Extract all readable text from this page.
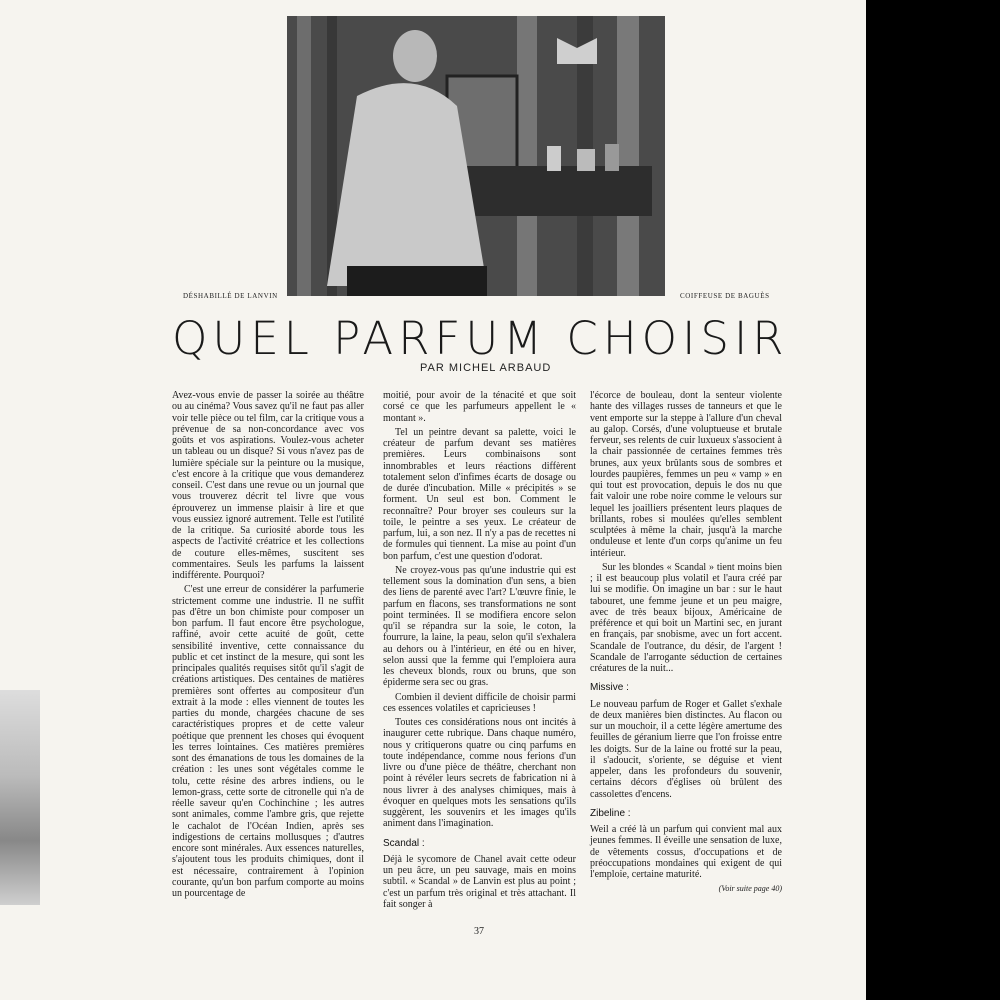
DÉSHABILLÉ DE LANVIN	COIFFEUSE DE BAGUÈS
QUEL PARFUM CHOISIR
PAR MICHEL ARBAUD

Avez-vous envie de passer la soirée au théâtre ou au cinéma? Vous savez qu'il ne faut pas aller voir telle pièce ou tel film, car la critique vous a prévenue de sa non-concordance avec vos goûts et vos aspirations. Voulez-vous acheter un tableau ou un disque? Si vous n'avez pas de lumière spéciale sur la peinture ou la musique, c'est encore à la critique que vous demanderez conseil. C'est dans une revue ou un journal que vous trouverez décrit tel livre que vous éprouverez un immense plaisir à lire et que vous eussiez ignoré autrement. Telle est l'utilité de la critique. Sa curiosité aborde tous les aspects de l'activité créatrice et les collections de couture elles-mêmes, suscitent ses commentaires. Seuls les parfums la laissent indifférente. Pourquoi?

C'est une erreur de considérer la parfumerie strictement comme une industrie. Il ne suffit pas d'être un bon chimiste pour composer un bon parfum. Il faut encore être psychologue, raffiné, avoir cette acuité de goût, cette sensibilité inventive, cette connaissance du public et cet instinct de la mesure, qui sont les principales qualités requises sitôt qu'il s'agit de créations artistiques. Des centaines de matières premières sont offertes au compositeur d'un extrait à la mode : elles viennent de toutes les parties du monde, chargées chacune de ses caractéristiques propres et de cette valeur poétique que prennent les choses qui évoquent les terres lointaines. Ces matières premières sont des émanations de tous les domaines de la création : les unes sont végétales comme le tolu, cette résine des arbres indiens, ou le lemon-grass, cette sorte de citronelle qui n'a de réelle saveur qu'en Cochinchine ; les autres sont animales, comme l'ambre gris, que rejette le cachalot de l'Océan Indien, après ses indigestions de certains mollusques ; d'autres encore sont minérales. Aux essences naturelles, s'ajoutent tous les produits chimiques, dont il est nécessaire, contrairement à l'opinion courante, qu'un bon parfum comporte au moins un pourcentage de

moitié, pour avoir de la ténacité et que soit corsé ce que les parfumeurs appellent le « montant ».

Tel un peintre devant sa palette, voici le créateur de parfum devant ses matières premières. Leurs combinaisons sont innombrables et leurs réactions diffèrent totalement selon d'infimes écarts de dosage ou de durée d'incubation. Mille « précipités » se forment. Un seul est bon. Comment le reconnaître? Pour broyer ses couleurs sur la toile, le peintre a ses yeux. Le créateur de parfum, lui, a son nez. Il n'y a pas de recettes ni de formules qui tiennent. La mise au point d'un bon parfum, c'est une question d'odorat.

Ne croyez-vous pas qu'une industrie qui est tellement sous la domination d'un sens, a bien des liens de parenté avec l'art? L'œuvre finie, le parfum en flacons, ses transformations ne sont point terminées. Il se modifiera encore selon qu'il se répandra sur la soie, le coton, la fourrure, la laine, la peau, selon qu'il s'exhalera au dehors ou à l'intérieur, en été ou en hiver, selon aussi que la femme qui l'emploiera aura les cheveux blonds, roux ou bruns, que son épiderme sera sec ou gras.

Combien il devient difficile de choisir parmi ces essences volatiles et capricieuses !

Toutes ces considérations nous ont incités à inaugurer cette rubrique. Dans chaque numéro, nous y critiquerons quatre ou cinq parfums en toute indépendance, comme nous ferions d'un livre ou d'une pièce de théâtre, cherchant non point à révéler leurs secrets de fabrication ni à nous livrer à des analyses chimiques, mais à évoquer en quelques mots les sensations qu'ils suggèrent, les souvenirs et les images qu'ils animent dans l'imagination.

Scandal :

Déjà le sycomore de Chanel avait cette odeur un peu âcre, un peu sauvage, mais en moins subtil. « Scandal » de Lanvin est plus au point ; c'est un parfum très original et très attachant. Il fait songer à

l'écorce de bouleau, dont la senteur violente hante des villages russes de tanneurs et que le vent emporte sur la steppe à l'allure d'un cheval au galop. Corsés, d'une voluptueuse et brutale ferveur, ses relents de cuir luxueux s'associent à la chair passionnée de certaines femmes très brunes, aux yeux brûlants sous de sombres et lourdes paupières, femmes un peu « vamp » en qui tout est provocation, depuis le dos nu que fait valoir une robe noire comme le velours sur lequel les joailliers présentent leurs plaques de brillants, robes si moulées qu'elles semblent sculptées à même la chair, jusqu'à la marche onduleuse et lente d'un corps qu'anime un feu intérieur.

Sur les blondes « Scandal » tient moins bien ; il est beaucoup plus volatil et l'aura créé par lui se modifie. On imagine un bar : sur le haut tabouret, une femme jeune et un peu maigre, avec de très beaux bijoux, Américaine de préférence et qui boit un Martini sec, en jurant en français, par snobisme, avec un fort accent. Scandale de l'outrance, du désir, de l'argent ! Scandale de l'arrogante séduction de certaines créatures de la nuit...

Missive :

Le nouveau parfum de Roger et Gallet s'exhale de deux manières bien distinctes. Au flacon ou sur un mouchoir, il a cette légère amertume des feuilles de géranium lierre que l'on froisse entre les doigts. Sur de la laine ou frotté sur la peau, il s'adoucit, s'oriente, se déguise et vient appeler, dans les profondeurs du souvenir, certains décors d'églises où brûlent des cassolettes d'encens.

Zibeline :

Weil a créé là un parfum qui convient mal aux jeunes femmes. Il éveille une sensation de luxe, de vêtements cossus, d'occupations et de préoccupations mondaines qui exigent de qui l'emploie, certaine maturité.

(Voir suite page 40)
37
